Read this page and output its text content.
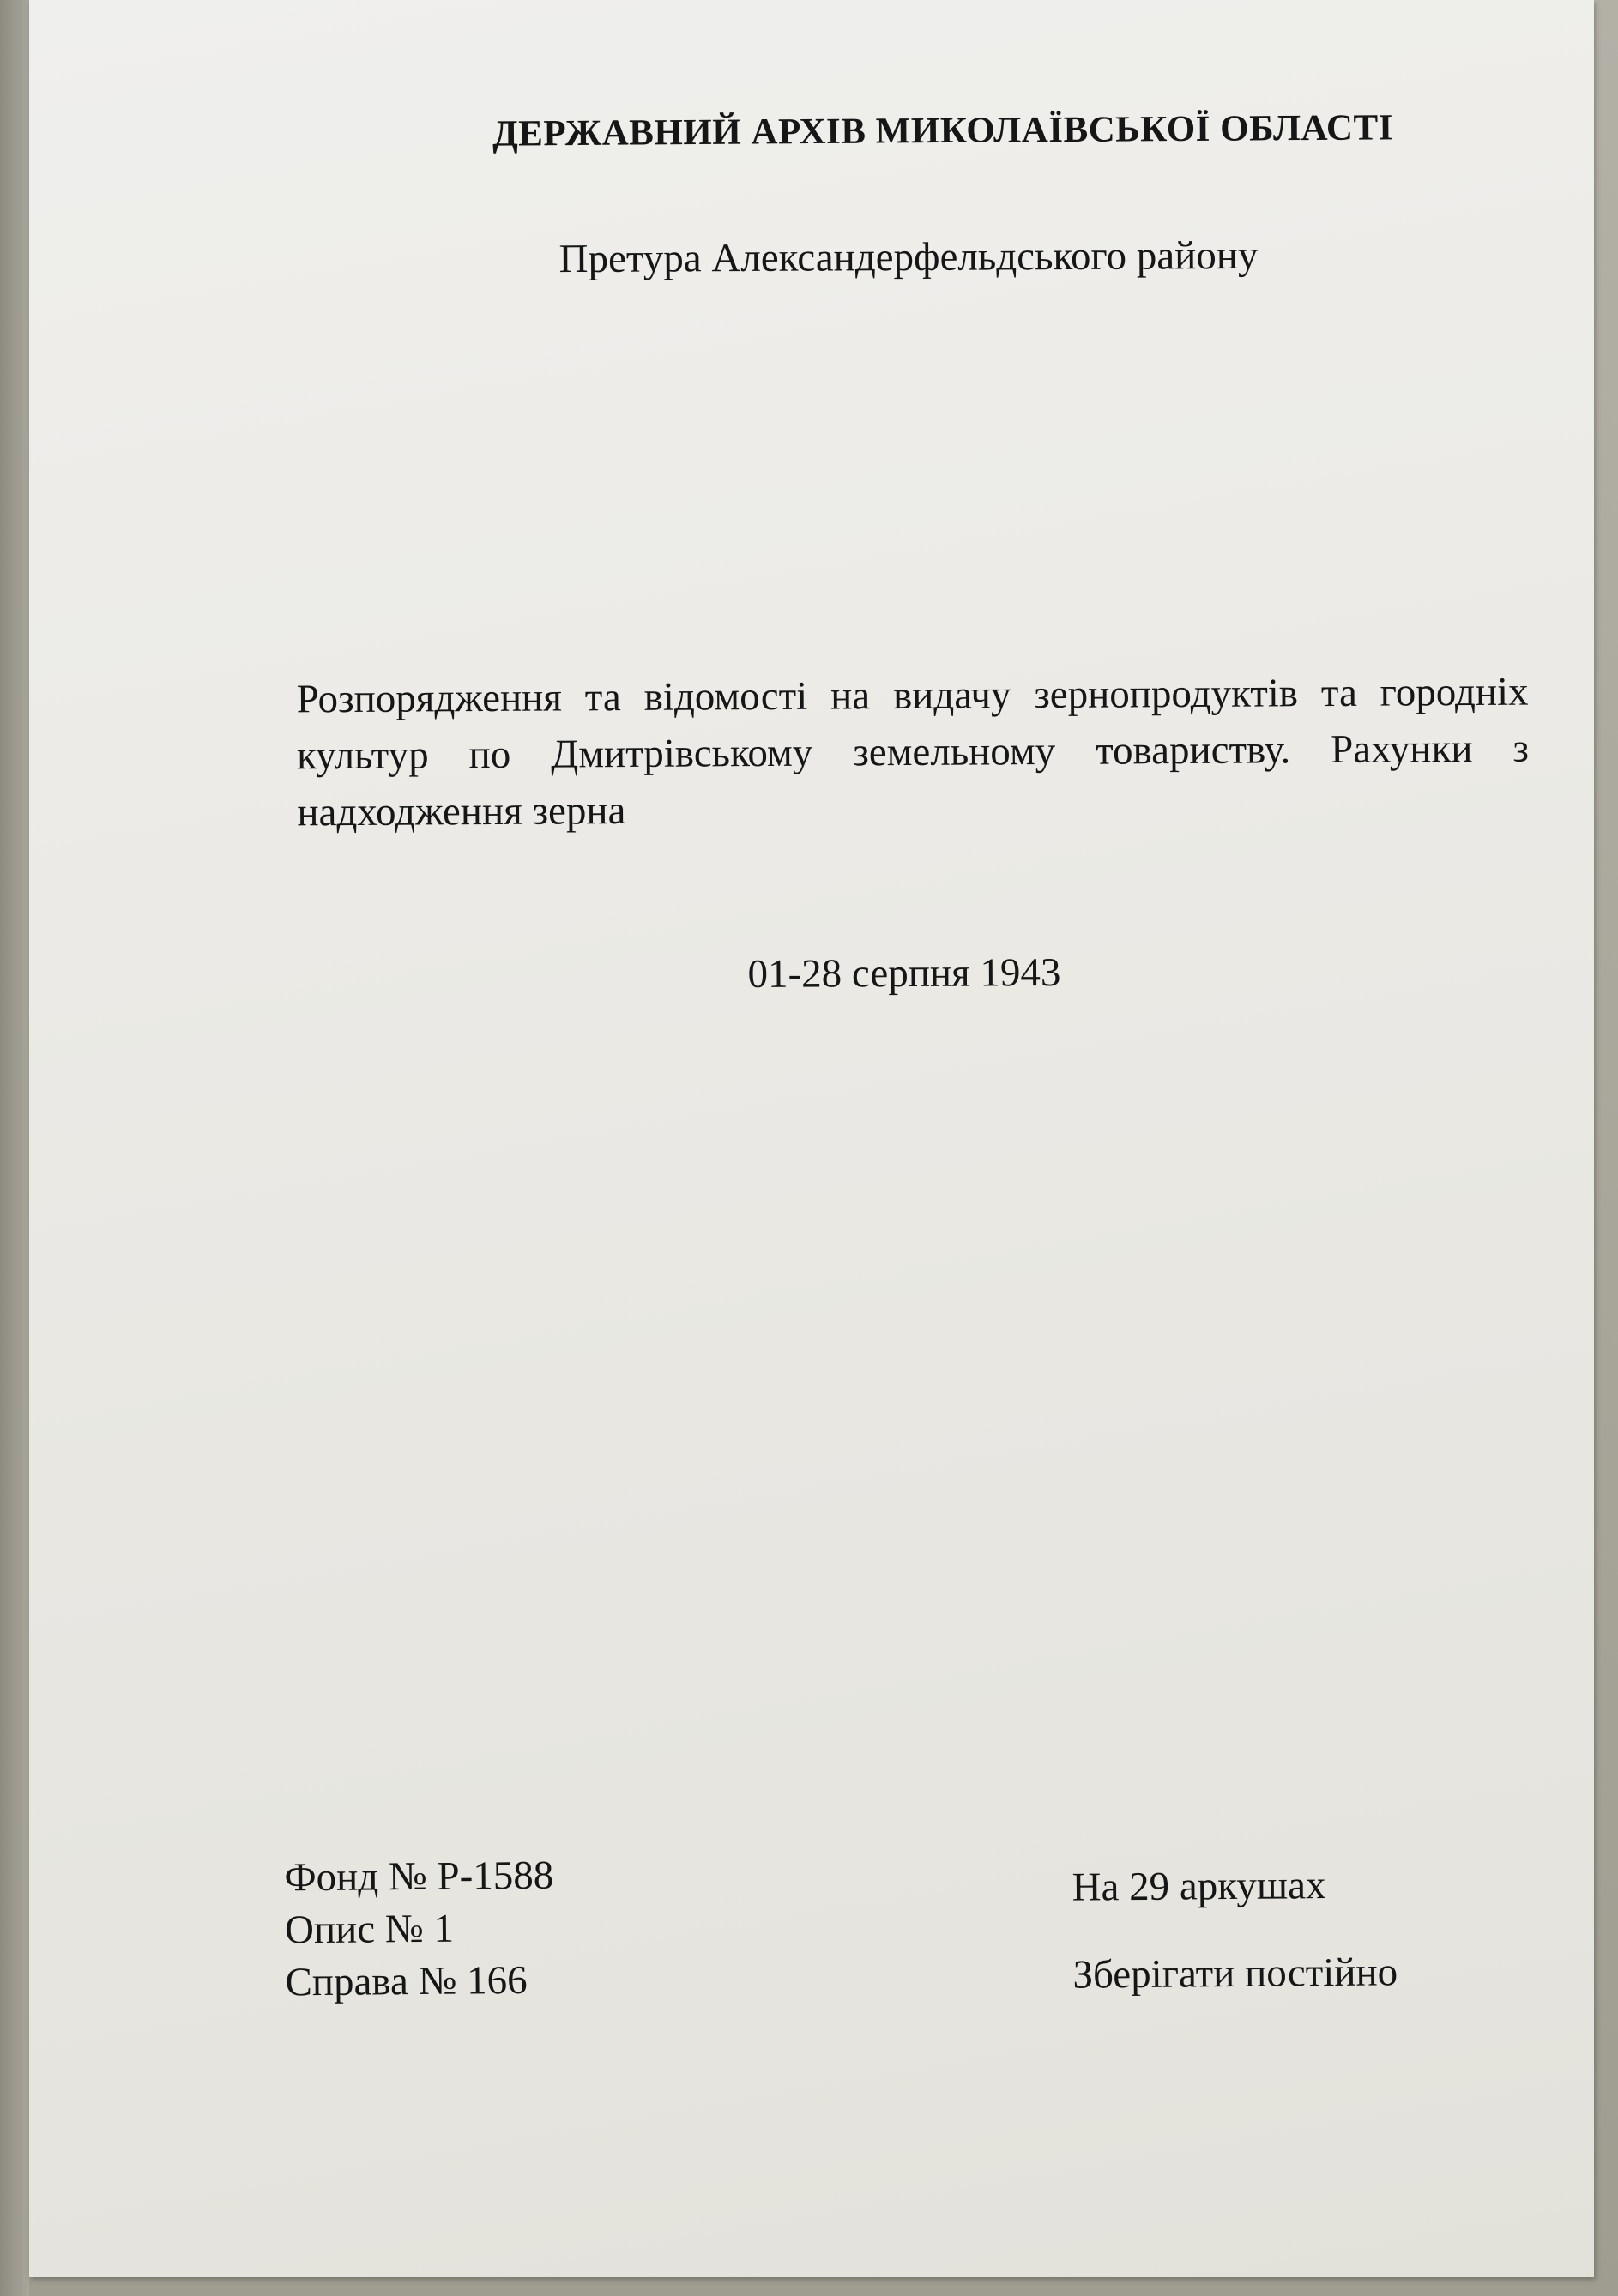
ДЕРЖАВНИЙ АРХІВ МИКОЛАЇВСЬКОЇ ОБЛАСТІ

Претура Александерфельдського району

Розпорядження та відомості на видачу зернопродуктів та городніх культур по Дмитрівському земельному товариству. Рахунки з надходження зерна

01-28 серпня 1943

Фонд № Р-1588
Опис № 1
Справа № 166
На 29 аркушах
Зберігати постійно
